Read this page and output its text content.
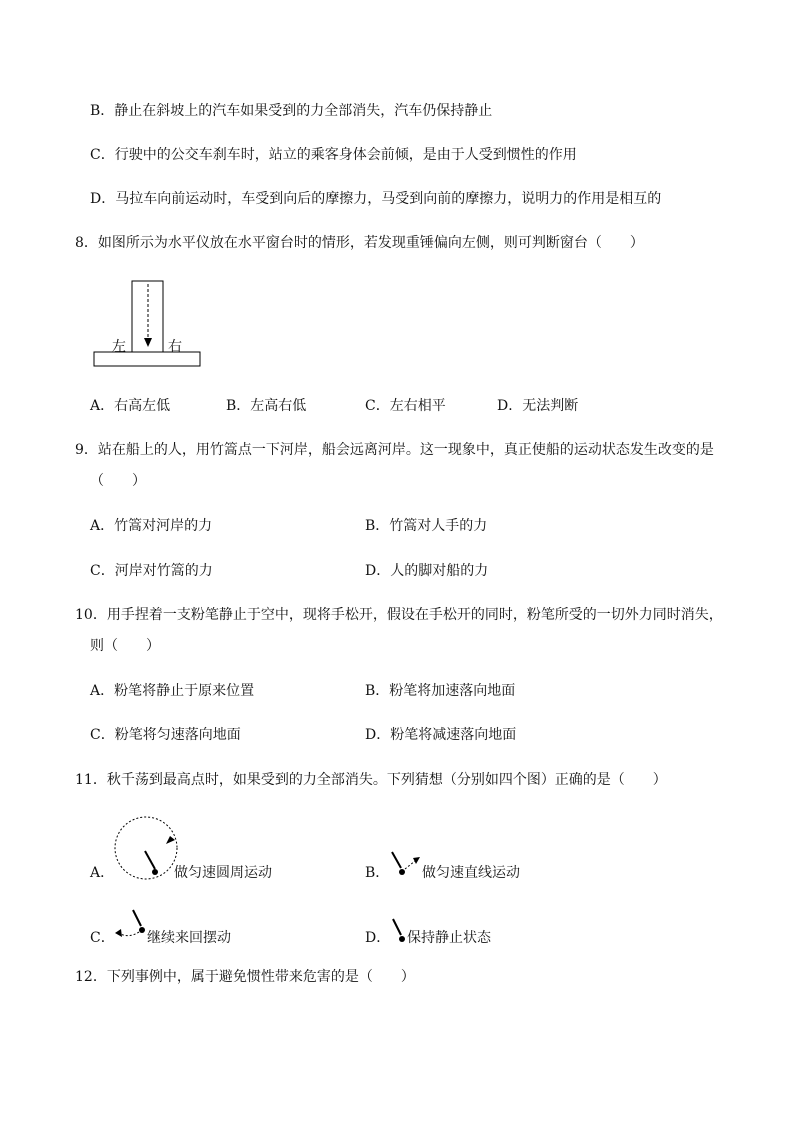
B．静止在斜坡上的汽车如果受到的力全部消失，汽车仍保持静止
C．行驶中的公交车刹车时，站立的乘客身体会前倾，是由于人受到惯性的作用
D．马拉车向前运动时，车受到向后的摩擦力，马受到向前的摩擦力，说明力的作用是相互的
8．如图所示为水平仪放在水平窗台时的情形，若发现重锤偏向左侧，则可判断窗台（　　）
左	右
A．右高左低	B．左高右低	C．左右相平	D．无法判断
9．站在船上的人，用竹篙点一下河岸，船会远离河岸。这一现象中，真正使船的运动状态发生改变的是
（　　）
A．竹篙对河岸的力	B．竹篙对人手的力
C．河岸对竹篙的力	D．人的脚对船的力
10．用手捏着一支粉笔静止于空中，现将手松开，假设在手松开的同时，粉笔所受的一切外力同时消失，
则（　　）
A．粉笔将静止于原来位置	B．粉笔将加速落向地面
C．粉笔将匀速落向地面	D．粉笔将减速落向地面
11．秋千荡到最高点时，如果受到的力全部消失。下列猜想（分别如四个图）正确的是（　　）
A．	做匀速圆周运动	B． 做匀速直线运动
C． 继续来回摆动	D． 保持静止状态
12．下列事例中，属于避免惯性带来危害的是（　　）
